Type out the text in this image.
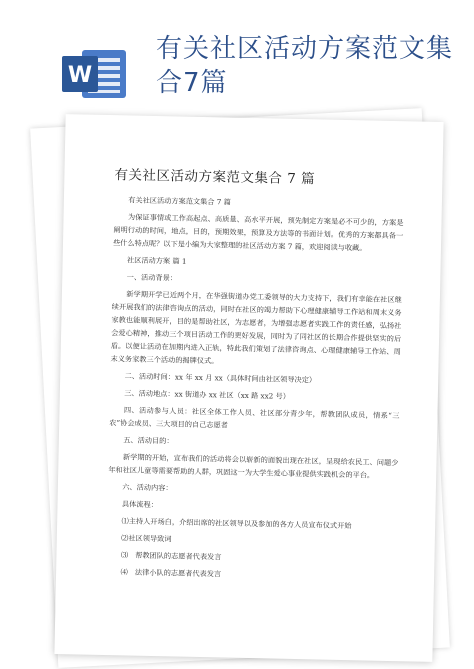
W
有关社区活动方案范文集合7篇
有关社区活动方案范文集合 7 篇

有关社区活动方案范文集合 7 篇

为保证事情或工作高起点、高质量、高水平开展，预先制定方案是必不可少的，方案是阐明行动的时间，地点，目的，预期效果，预算及方法等的书面计划。优秀的方案都具备一些什么特点呢？以下是小编为大家整理的社区活动方案 7 篇，欢迎阅读与收藏。

社区活动方案 篇 1

一、活动背景：

新学期开学已近两个月，在华强街道办党工委领导的大力支持下，我们有幸能在社区继续开展我们的法律咨询点的活动，同时在社区的竭力帮助下心理健康辅导工作站和周末义务家教也能顺利展开，目的是帮助社区，为志愿者，为增强志愿者实践工作的责任感，弘扬社会爱心精神，推动三个项目活动工作的更好发展，同时为了同社区的长期合作提供坚实的后盾。以便让活动在加期内进入正轨，特此我们策划了法律咨询点、心理健康辅导工作站、周末义务家教三个活动的揭牌仪式。

二、活动时间：xx 年 xx 月 xx（具体时间由社区领导决定）

三、活动地点：xx 街道办 xx 社区（xx 路 xx2 号）

四、活动参与人员：社区全体工作人员、社区部分青少年，帮教团队成员，情系“三农”协会成员、三大项目的自己志愿者

五、活动目的：

新学期的开始，宣布我们的活动将会以崭新的面貌出现在社区，呈现给农民工、问题少年和社区儿童等需要帮助的人群，巩固这一为大学生爱心事业提供实践机会的平台。

六、活动内容：

具体流程：

⑴主持人开场白，介绍出席的社区领导以及参加的各方人员宣布仪式开始

⑵社区领导致词

⑶　帮教团队的志愿者代表发言

⑷　法律小队的志愿者代表发言
